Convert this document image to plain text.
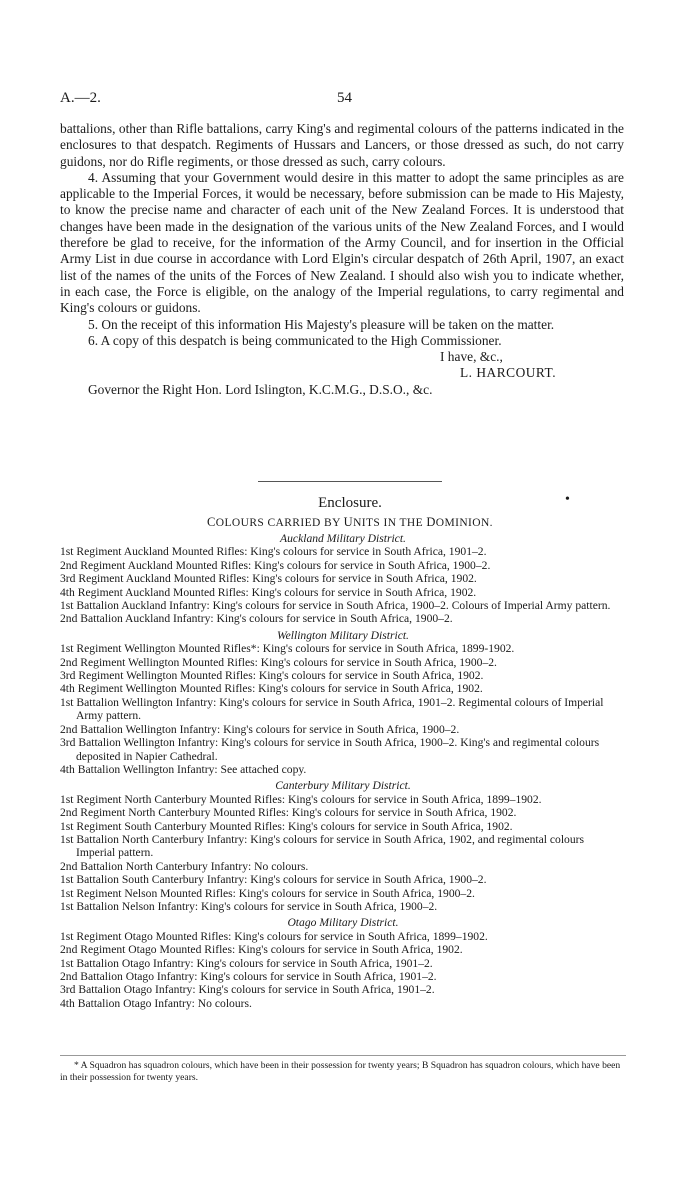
A.—2.	54

battalions, other than Rifle battalions, carry King's and regimental colours of the patterns indicated in the enclosures to that despatch. Regiments of Hussars and Lancers, or those dressed as such, do not carry guidons, nor do Rifle regiments, or those dressed as such, carry colours.

4. Assuming that your Government would desire in this matter to adopt the same principles as are applicable to the Imperial Forces, it would be necessary, before submission can be made to His Majesty, to know the precise name and character of each unit of the New Zealand Forces. It is understood that changes have been made in the designation of the various units of the New Zealand Forces, and I would therefore be glad to receive, for the information of the Army Council, and for insertion in the Official Army List in due course in accordance with Lord Elgin's circular despatch of 26th April, 1907, an exact list of the names of the units of the Forces of New Zealand. I should also wish you to indicate whether, in each case, the Force is eligible, on the analogy of the Imperial regulations, to carry regimental and King's colours or guidons.

5. On the receipt of this information His Majesty's pleasure will be taken on the matter.

6. A copy of this despatch is being communicated to the High Commissioner.

I have, &c.,

L. HARCOURT.

Governor the Right Hon. Lord Islington, K.C.M.G., D.S.O., &c.

Enclosure.	•
COLOURS CARRIED BY UNITS IN THE DOMINION.

Auckland Military District.

1st Regiment Auckland Mounted Rifles: King's colours for service in South Africa, 1901–2.

2nd Regiment Auckland Mounted Rifles: King's colours for service in South Africa, 1900–2.

3rd Regiment Auckland Mounted Rifles: King's colours for service in South Africa, 1902.

4th Regiment Auckland Mounted Rifles: King's colours for service in South Africa, 1902.

1st Battalion Auckland Infantry: King's colours for service in South Africa, 1900–2. Colours of Imperial Army pattern.

2nd Battalion Auckland Infantry: King's colours for service in South Africa, 1900–2.

Wellington Military District.

1st Regiment Wellington Mounted Rifles*: King's colours for service in South Africa, 1899-1902.

2nd Regiment Wellington Mounted Rifles: King's colours for service in South Africa, 1900–2.

3rd Regiment Wellington Mounted Rifles: King's colours for service in South Africa, 1902.

4th Regiment Wellington Mounted Rifles: King's colours for service in South Africa, 1902.

1st Battalion Wellington Infantry: King's colours for service in South Africa, 1901–2. Regimental colours of Imperial Army pattern.

2nd Battalion Wellington Infantry: King's colours for service in South Africa, 1900–2.

3rd Battalion Wellington Infantry: King's colours for service in South Africa, 1900–2. King's and regimental colours deposited in Napier Cathedral.

4th Battalion Wellington Infantry: See attached copy.

Canterbury Military District.

1st Regiment North Canterbury Mounted Rifles: King's colours for service in South Africa, 1899–1902.

2nd Regiment North Canterbury Mounted Rifles: King's colours for service in South Africa, 1902.

1st Regiment South Canterbury Mounted Rifles: King's colours for service in South Africa, 1902.

1st Battalion North Canterbury Infantry: King's colours for service in South Africa, 1902, and regimental colours Imperial pattern.

2nd Battalion North Canterbury Infantry: No colours.

1st Battalion South Canterbury Infantry: King's colours for service in South Africa, 1900–2.

1st Regiment Nelson Mounted Rifles: King's colours for service in South Africa, 1900–2.

1st Battalion Nelson Infantry: King's colours for service in South Africa, 1900–2.

Otago Military District.

1st Regiment Otago Mounted Rifles: King's colours for service in South Africa, 1899–1902.

2nd Regiment Otago Mounted Rifles: King's colours for service in South Africa, 1902.

1st Battalion Otago Infantry: King's colours for service in South Africa, 1901–2.

2nd Battalion Otago Infantry: King's colours for service in South Africa, 1901–2.

3rd Battalion Otago Infantry: King's colours for service in South Africa, 1901–2.

4th Battalion Otago Infantry: No colours.

* A Squadron has squadron colours, which have been in their possession for twenty years; B Squadron has squadron colours, which have been in their possession for twenty years.
